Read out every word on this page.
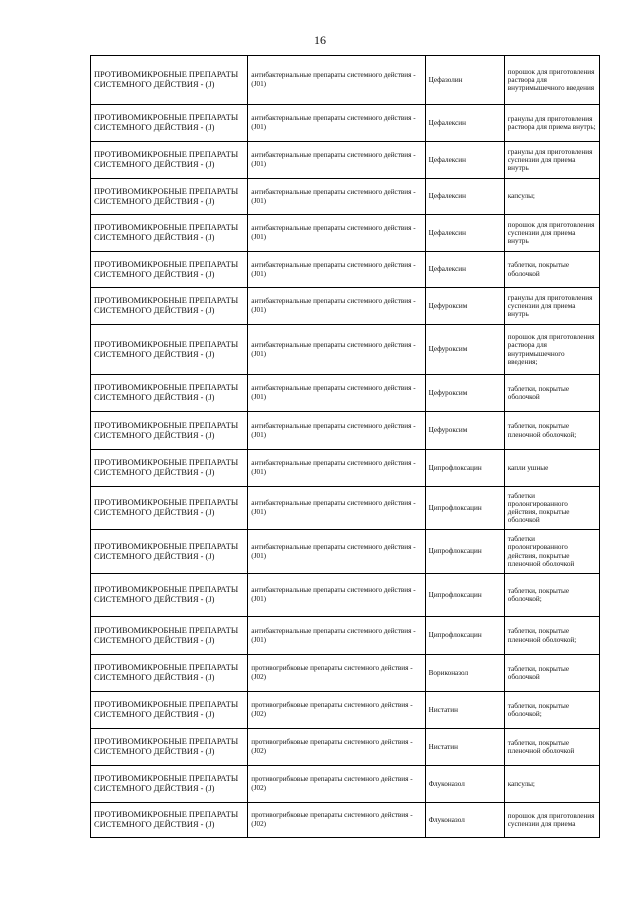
16
ПРОТИВОМИКРОБНЫЕ ПРЕПАРАТЫ СИСТЕМНОГО ДЕЙСТВИЯ - (J)	антибактериальные препараты системного действия - (J01)	Цефазолин	порошок для приготовления раствора для внутримышечного введения
ПРОТИВОМИКРОБНЫЕ ПРЕПАРАТЫ СИСТЕМНОГО ДЕЙСТВИЯ - (J)	антибактериальные препараты системного действия - (J01)	Цефалексин	гранулы для приготовления раствора для приема внутрь;
ПРОТИВОМИКРОБНЫЕ ПРЕПАРАТЫ СИСТЕМНОГО ДЕЙСТВИЯ - (J)	антибактериальные препараты системного действия - (J01)	Цефалексин	гранулы для приготовления суспензии для приема внутрь
ПРОТИВОМИКРОБНЫЕ ПРЕПАРАТЫ СИСТЕМНОГО ДЕЙСТВИЯ - (J)	антибактериальные препараты системного действия - (J01)	Цефалексин	капсулы;
ПРОТИВОМИКРОБНЫЕ ПРЕПАРАТЫ СИСТЕМНОГО ДЕЙСТВИЯ - (J)	антибактериальные препараты системного действия - (J01)	Цефалексин	порошок для приготовления суспензии для приема внутрь
ПРОТИВОМИКРОБНЫЕ ПРЕПАРАТЫ СИСТЕМНОГО ДЕЙСТВИЯ - (J)	антибактериальные препараты системного действия - (J01)	Цефалексин	таблетки, покрытые оболочкой
ПРОТИВОМИКРОБНЫЕ ПРЕПАРАТЫ СИСТЕМНОГО ДЕЙСТВИЯ - (J)	антибактериальные препараты системного действия - (J01)	Цефуроксим	гранулы для приготовления суспензии для приема внутрь
ПРОТИВОМИКРОБНЫЕ ПРЕПАРАТЫ СИСТЕМНОГО ДЕЙСТВИЯ - (J)	антибактериальные препараты системного действия - (J01)	Цефуроксим	порошок для приготовления раствора для внутримышечного введения;
ПРОТИВОМИКРОБНЫЕ ПРЕПАРАТЫ СИСТЕМНОГО ДЕЙСТВИЯ - (J)	антибактериальные препараты системного действия - (J01)	Цефуроксим	таблетки, покрытые оболочкой
ПРОТИВОМИКРОБНЫЕ ПРЕПАРАТЫ СИСТЕМНОГО ДЕЙСТВИЯ - (J)	антибактериальные препараты системного действия - (J01)	Цефуроксим	таблетки, покрытые пленочной оболочкой;
ПРОТИВОМИКРОБНЫЕ ПРЕПАРАТЫ СИСТЕМНОГО ДЕЙСТВИЯ - (J)	антибактериальные препараты системного действия - (J01)	Ципрофлоксацин	капли ушные
ПРОТИВОМИКРОБНЫЕ ПРЕПАРАТЫ СИСТЕМНОГО ДЕЙСТВИЯ - (J)	антибактериальные препараты системного действия - (J01)	Ципрофлоксацин	таблетки пролонгированного действия, покрытые оболочкой
ПРОТИВОМИКРОБНЫЕ ПРЕПАРАТЫ СИСТЕМНОГО ДЕЙСТВИЯ - (J)	антибактериальные препараты системного действия - (J01)	Ципрофлоксацин	таблетки пролонгированного действия, покрытые пленочной оболочкой
ПРОТИВОМИКРОБНЫЕ ПРЕПАРАТЫ СИСТЕМНОГО ДЕЙСТВИЯ - (J)	антибактериальные препараты системного действия - (J01)	Ципрофлоксацин	таблетки, покрытые оболочкой;
ПРОТИВОМИКРОБНЫЕ ПРЕПАРАТЫ СИСТЕМНОГО ДЕЙСТВИЯ - (J)	антибактериальные препараты системного действия - (J01)	Ципрофлоксацин	таблетки, покрытые пленочной оболочкой;
ПРОТИВОМИКРОБНЫЕ ПРЕПАРАТЫ СИСТЕМНОГО ДЕЙСТВИЯ - (J)	противогрибковые препараты системного действия - (J02)	Вориконазол	таблетки, покрытые оболочкой
ПРОТИВОМИКРОБНЫЕ ПРЕПАРАТЫ СИСТЕМНОГО ДЕЙСТВИЯ - (J)	противогрибковые препараты системного действия - (J02)	Нистатин	таблетки, покрытые оболочкой;
ПРОТИВОМИКРОБНЫЕ ПРЕПАРАТЫ СИСТЕМНОГО ДЕЙСТВИЯ - (J)	противогрибковые препараты системного действия - (J02)	Нистатин	таблетки, покрытые пленочной оболочкой
ПРОТИВОМИКРОБНЫЕ ПРЕПАРАТЫ СИСТЕМНОГО ДЕЙСТВИЯ - (J)	противогрибковые препараты системного действия - (J02)	Флуконазол	капсулы;
ПРОТИВОМИКРОБНЫЕ ПРЕПАРАТЫ СИСТЕМНОГО ДЕЙСТВИЯ - (J)	противогрибковые препараты системного действия - (J02)	Флуконазол	порошок для приготовления суспензии для приема
